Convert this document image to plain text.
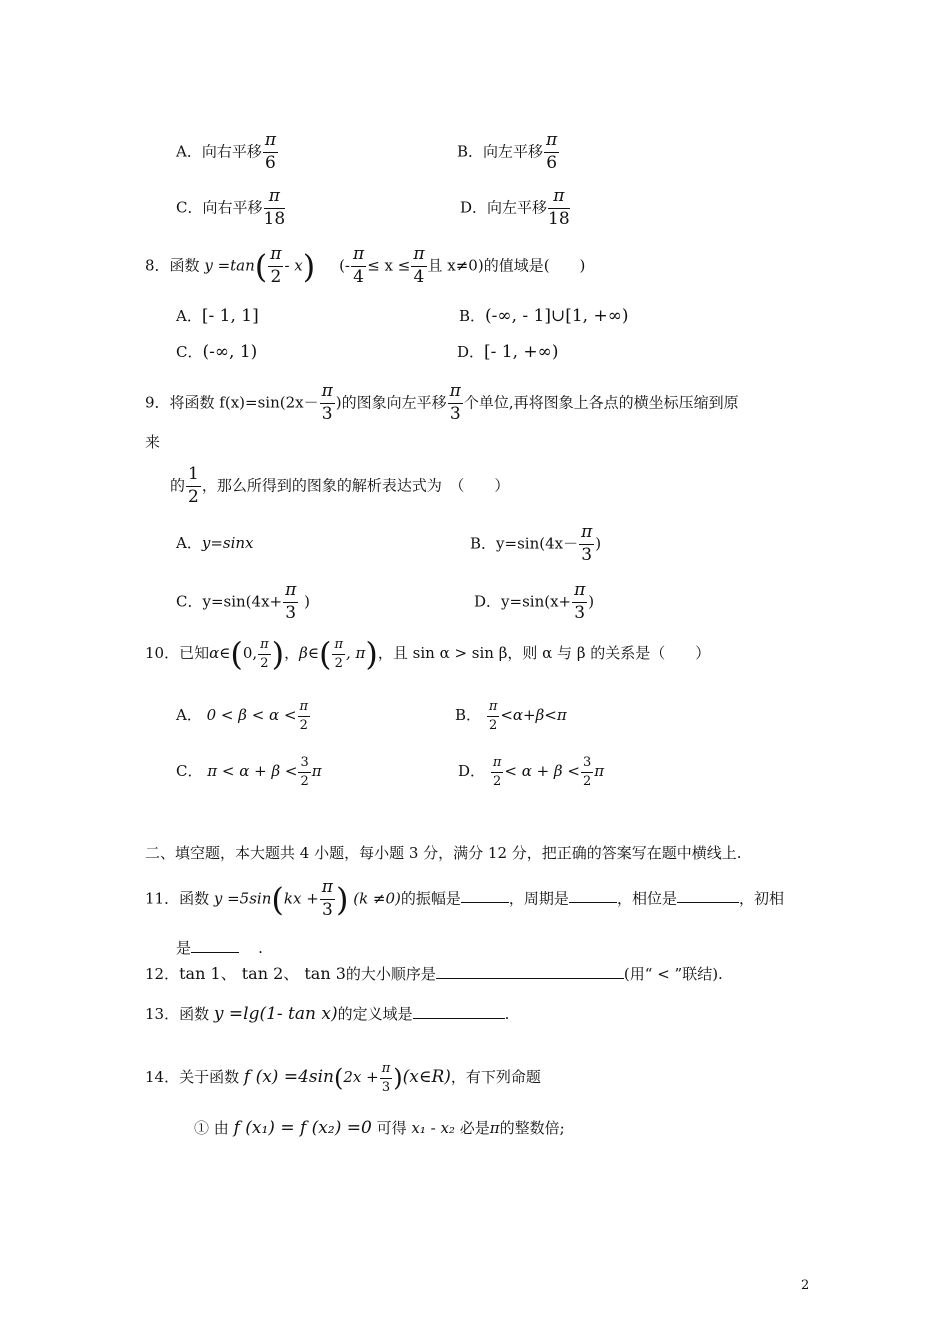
A．向右平移 $\frac{\pi}{6}$	B．向左平移 $\frac{\pi}{6}$
C．向右平移 $\frac{\pi}{18}$	D．向左平移 $\frac{\pi}{18}$
8．函数 $y =\tan( \frac{\pi}{2} - x)$ (- $\frac{\pi}{4} \le x \le \frac{\pi}{4}$ 且 x≠0)的值域是(　　)
A．[- 1, 1]	B．(-∞, - 1]∪[1, +∞)
C．(-∞, 1)	D．[- 1, +∞)
9．将函数 $f(x)=\sin(2x- \frac{\pi}{3}$ )的图象向左平移 $\frac{\pi}{3}$ 个单位,再将图象上各点的横坐标压缩到原
来
的 $\frac{1}{2}$ ，那么所得到的图象的解析表达式为　（　　）
A．y=sinx	B．$y=\sin(4x- \frac{\pi}{3}$ )
C．$y=\sin(4x+ \frac{\pi}{3}$ )	D．$y=\sin(x+ \frac{\pi}{3}$ )
10．已知α∈(0, $\frac{\pi}{2}$ )，β∈( $\frac{\pi}{2}$ , π)，且 sin α > sin β，则 α 与 β 的关系是（　　）
A． $0 < \beta < \alpha < \frac{\pi}{2}$	B． $\frac{\pi}{2} <\alpha+\beta<\pi$
C． $\pi < \alpha + \beta < \frac{3}{2}$ π	D． $\frac{\pi}{2} < \alpha + \beta < \frac{3}{2}$ π
二、填空题，本大题共 4 小题，每小题 3 分，满分 12 分，把正确的答案写在题中横线上.
11．函数 $y =5\sin(kx + \frac{\pi}{3}$ ) (k ≠0)的振幅是	，周期是	，相位是	，初相
是	.
12．tan 1、 tan 2、 tan 3的大小顺序是	(用“ < ”联结).
13．函数 y =lg(1- tan x)的定义域是	.
14．关于函数 f $(x) =4\sin(2x + \frac{\pi}{3}$ )(x∈R)，有下列命题
① 由 f (x₁) = f (x₂) =0 可得 x₁ - x₂ 必是π的整数倍;
2
